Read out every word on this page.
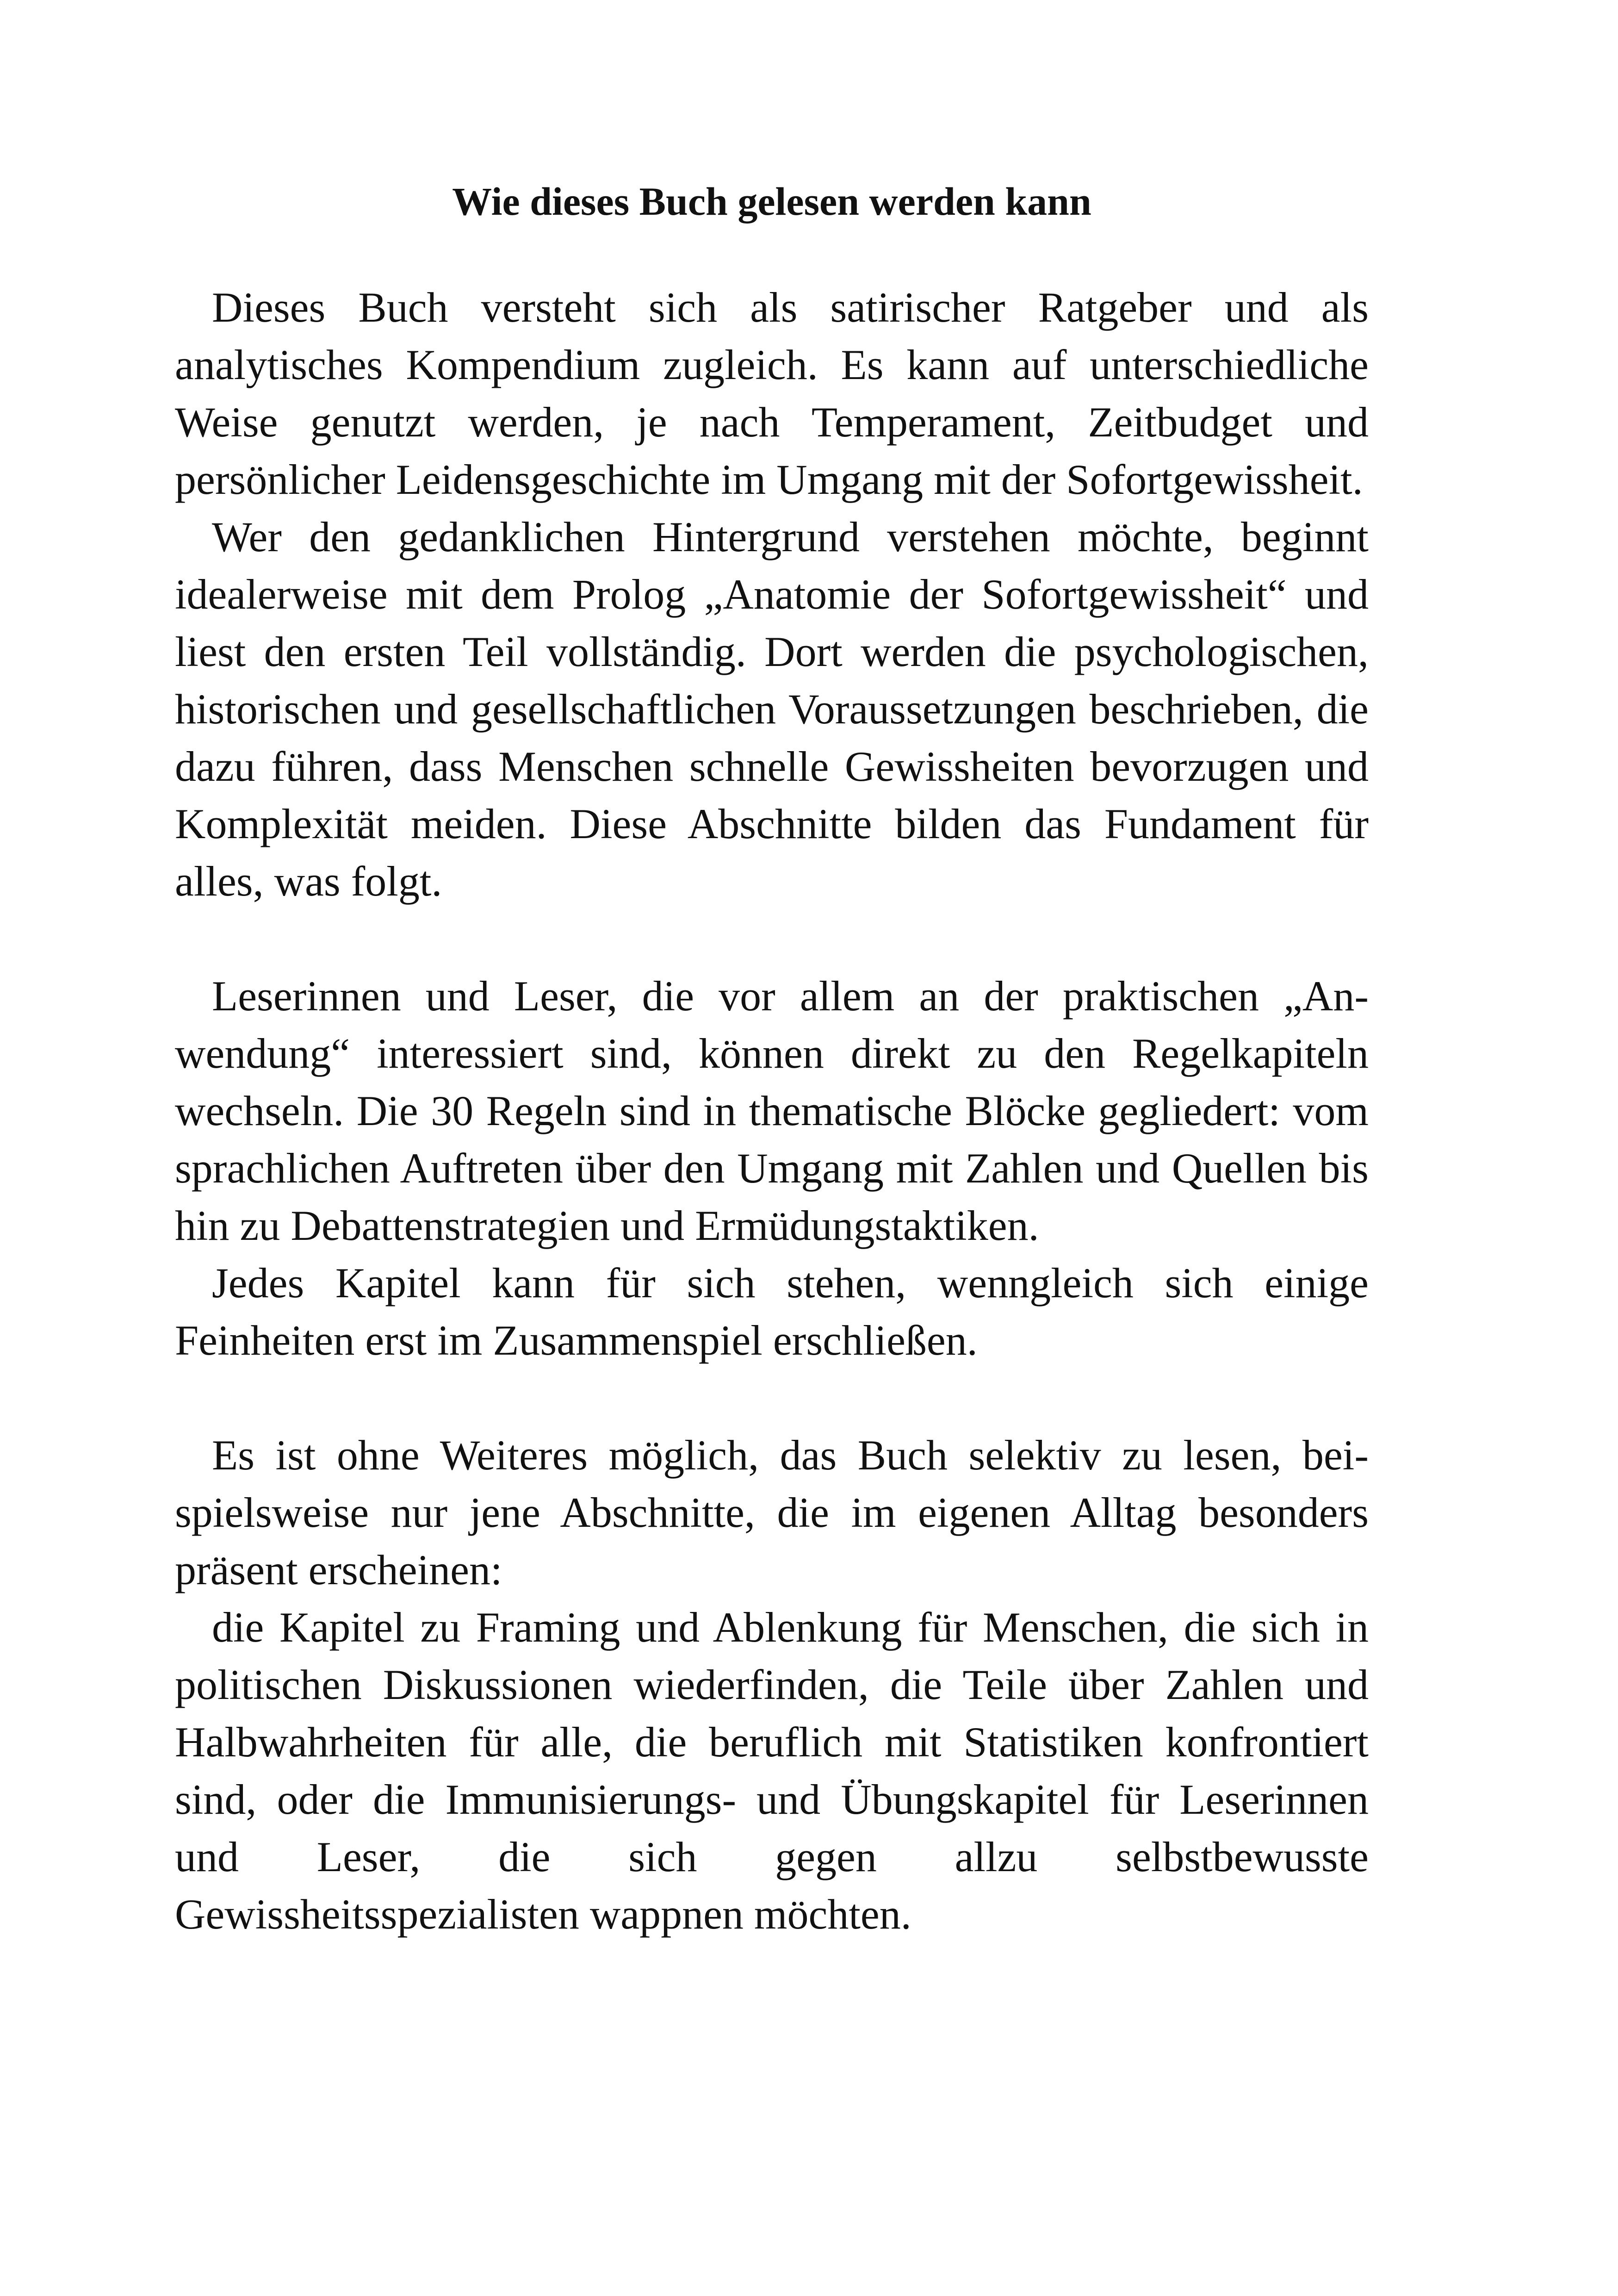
Wie dieses Buch gelesen werden kann

Dieses Buch versteht sich als satirischer Ratgeber und als analytisches Kompendium zugleich. Es kann auf unterschiedliche Weise genutzt werden, je nach Temperament, Zeitbudget und persönlicher Leidensgeschichte im Umgang mit der Sofortgewissheit.

Wer den gedanklichen Hintergrund verstehen möchte, beginnt idealerweise mit dem Prolog „Anatomie der Sofortgewissheit“ und liest den ersten Teil vollständig. Dort werden die psychologischen, historischen und gesellschaftlichen Voraussetzungen beschrieben, die dazu führen, dass Menschen schnelle Gewissheiten bevorzugen und Komplexität meiden. Diese Abschnitte bilden das Fundament für alles, was folgt.

Leserinnen und Leser, die vor allem an der praktischen „Anwendung“ interessiert sind, können direkt zu den Regelkapiteln wechseln. Die 30 Regeln sind in thematische Blöcke gegliedert: vom sprachlichen Auftreten über den Umgang mit Zahlen und Quellen bis hin zu Debattenstrategien und Ermüdungstaktiken.

Jedes Kapitel kann für sich stehen, wenngleich sich einige Feinheiten erst im Zusammenspiel erschließen.

Es ist ohne Weiteres möglich, das Buch selektiv zu lesen, beispielsweise nur jene Abschnitte, die im eigenen Alltag besonders präsent erscheinen:

die Kapitel zu Framing und Ablenkung für Menschen, die sich in politischen Diskussionen wiederfinden, die Teile über Zahlen und Halbwahrheiten für alle, die beruflich mit Statistiken konfrontiert sind, oder die Immunisierungs- und Übungskapitel für Leserinnen und Leser, die sich gegen allzu selbstbewusste Gewissheitsspezialisten wappnen möchten.
